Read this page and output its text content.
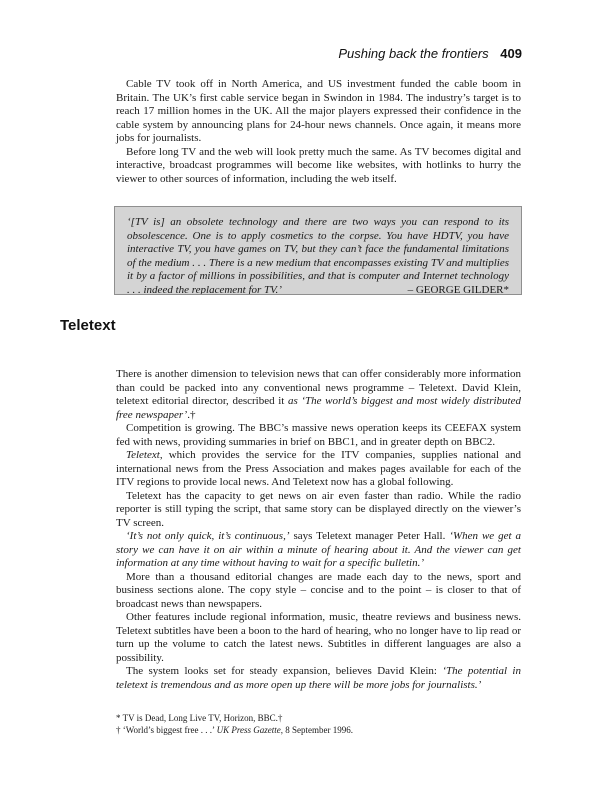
Pushing back the frontiers 409

Cable TV took off in North America, and US investment funded the cable boom in Britain. The UK’s first cable service began in Swindon in 1984. The industry’s target is to reach 17 million homes in the UK. All the major players expressed their confidence in the cable system by announcing plans for 24-hour news channels. Once again, it means more jobs for journalists.

Before long TV and the web will look pretty much the same. As TV becomes digital and interactive, broadcast programmes will become like websites, with hotlinks to hurry the viewer to other sources of information, including the web itself.

‘[TV is] an obsolete technology and there are two ways you can respond to its obsolescence. One is to apply cosmetics to the corpse. You have HDTV, you have interactive TV, you have games on TV, but they can’t face the fundamental limitations of the medium . . . There is a new medium that encompasses existing TV and multiplies it by a factor of millions in possibilities, and that is computer and Internet technology . . . indeed the replacement for TV.’	– GEORGE GILDER*
Teletext

There is another dimension to television news that can offer considerably more information than could be packed into any conventional news programme – Teletext. David Klein, teletext editorial director, described it as ‘The world’s biggest and most widely distributed free newspaper’.†

Competition is growing. The BBC’s massive news operation keeps its CEEFAX system fed with news, providing summaries in brief on BBC1, and in greater depth on BBC2.

Teletext, which provides the service for the ITV companies, supplies national and international news from the Press Association and makes pages available for each of the ITV regions to provide local news. And Teletext now has a global following.

Teletext has the capacity to get news on air even faster than radio. While the radio reporter is still typing the script, that same story can be displayed directly on the viewer’s TV screen.

‘It’s not only quick, it’s continuous,’ says Teletext manager Peter Hall. ‘When we get a story we can have it on air within a minute of hearing about it. And the viewer can get information at any time without having to wait for a specific bulletin.’

More than a thousand editorial changes are made each day to the news, sport and business sections alone. The copy style – concise and to the point – is closer to that of broadcast news than newspapers.

Other features include regional information, music, theatre reviews and business news. Teletext subtitles have been a boon to the hard of hearing, who no longer have to lip read or turn up the volume to catch the latest news. Subtitles in different languages are also a possibility.

The system looks set for steady expansion, believes David Klein: ‘The potential in teletext is tremendous and as more open up there will be more jobs for journalists.’

* TV is Dead, Long Live TV, Horizon, BBC.†
† ‘World’s biggest free . . .’ UK Press Gazette, 8 September 1996.
